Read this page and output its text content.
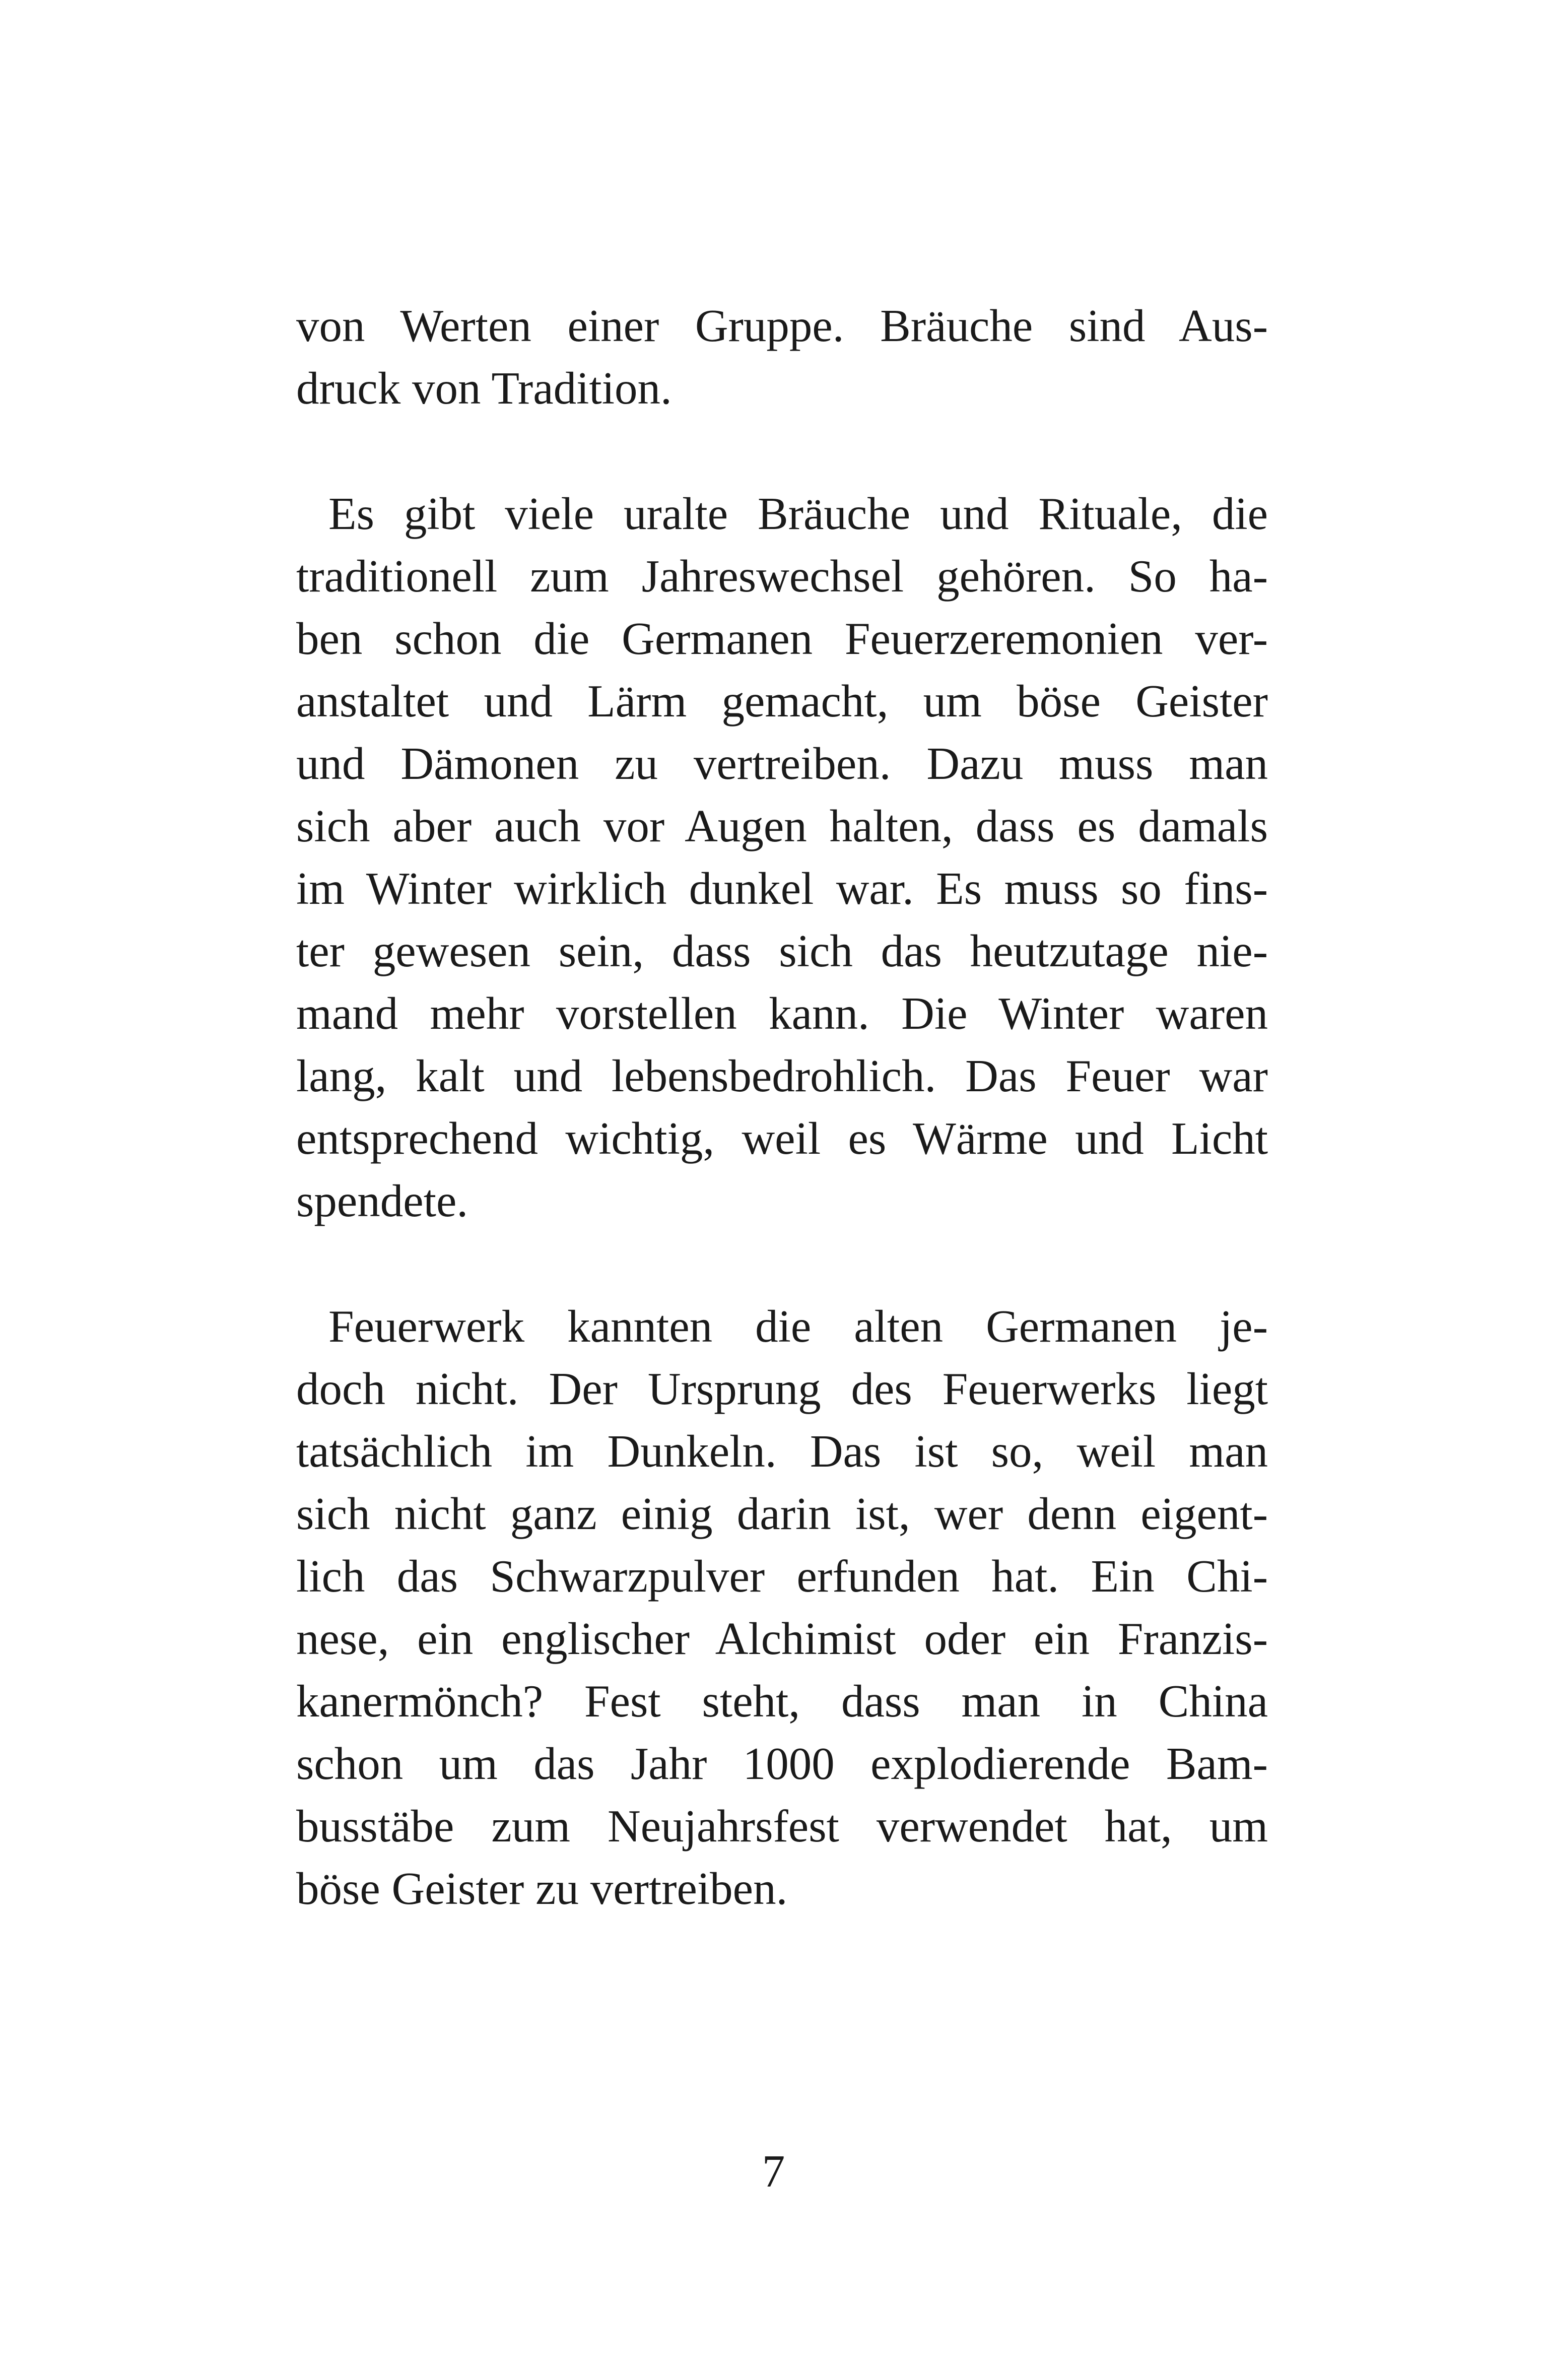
von Werten einer Gruppe. Bräuche sind Aus-
druck von Tradition.
Es gibt viele uralte Bräuche und Rituale, die
traditionell zum Jahreswechsel gehören. So ha-
ben schon die Germanen Feuerzeremonien ver-
anstaltet und Lärm gemacht, um böse Geister
und Dämonen zu vertreiben. Dazu muss man
sich aber auch vor Augen halten, dass es damals
im Winter wirklich dunkel war. Es muss so fins-
ter gewesen sein, dass sich das heutzutage nie-
mand mehr vorstellen kann. Die Winter waren
lang, kalt und lebensbedrohlich. Das Feuer war
entsprechend wichtig, weil es Wärme und Licht
spendete.
Feuerwerk kannten die alten Germanen je-
doch nicht. Der Ursprung des Feuerwerks liegt
tatsächlich im Dunkeln. Das ist so, weil man
sich nicht ganz einig darin ist, wer denn eigent-
lich das Schwarzpulver erfunden hat. Ein Chi-
nese, ein englischer Alchimist oder ein Franzis-
kanermönch? Fest steht, dass man in China
schon um das Jahr 1000 explodierende Bam-
busstäbe zum Neujahrsfest verwendet hat, um
böse Geister zu vertreiben.
7
